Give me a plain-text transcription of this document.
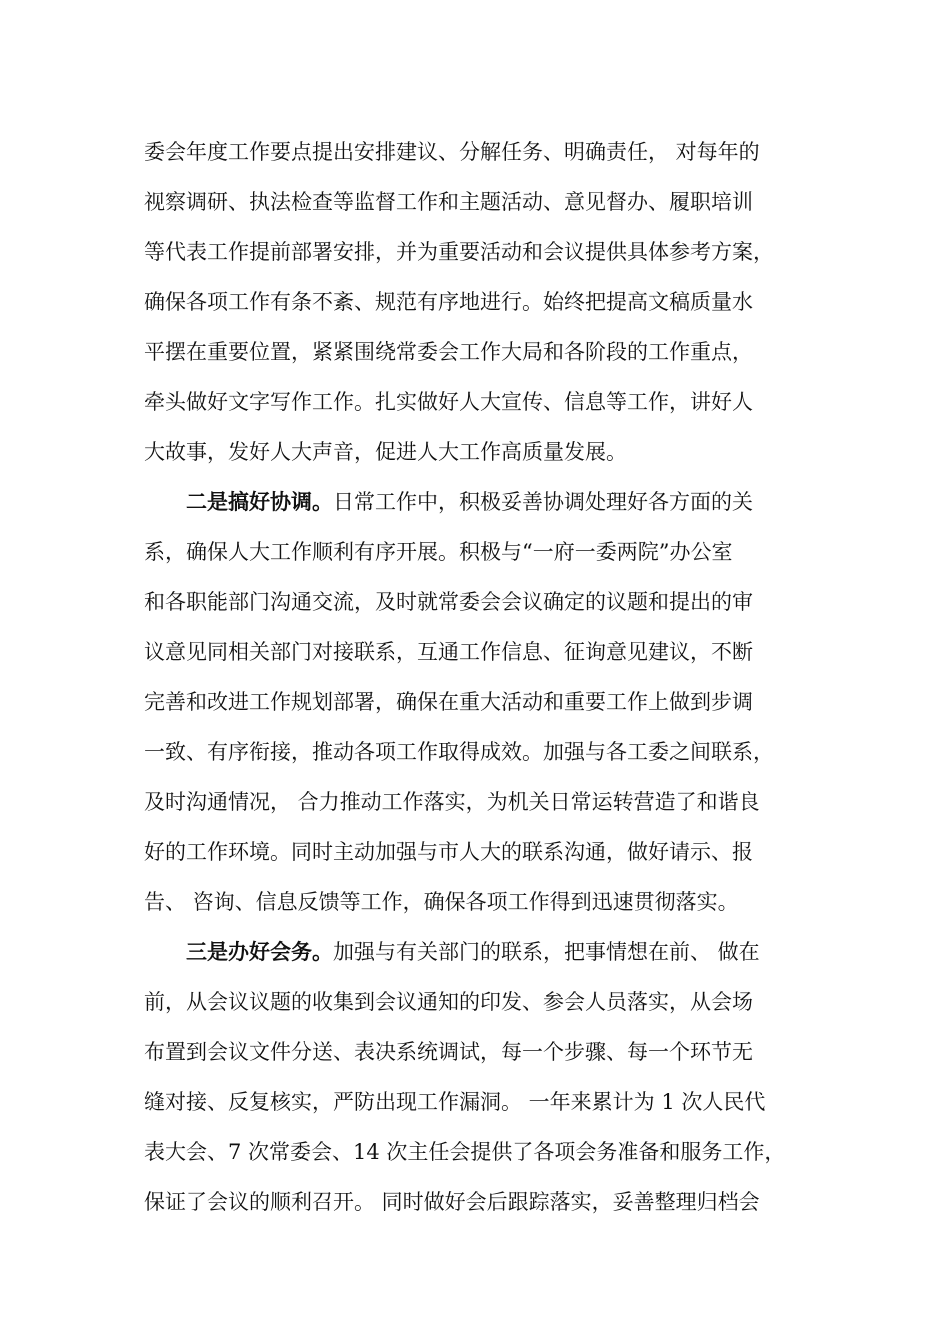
委会年度工作要点提出安排建议、分解任务、明确责任， 对每年的
视察调研、执法检查等监督工作和主题活动、意见督办、履职培训
等代表工作提前部署安排，并为重要活动和会议提供具体参考方案，
确保各项工作有条不紊、规范有序地进行。始终把提高文稿质量水
平摆在重要位置，紧紧围绕常委会工作大局和各阶段的工作重点，
牵头做好文字写作工作。扎实做好人大宣传、信息等工作，讲好人
大故事，发好人大声音，促进人大工作高质量发展。
二是搞好协调。日常工作中，积极妥善协调处理好各方面的关
系，确保人大工作顺利有序开展。积极与“一府一委两院”办公室
和各职能部门沟通交流，及时就常委会会议确定的议题和提出的审
议意见同相关部门对接联系，互通工作信息、征询意见建议，不断
完善和改进工作规划部署，确保在重大活动和重要工作上做到步调
一致、有序衔接，推动各项工作取得成效。加强与各工委之间联系，
及时沟通情况， 合力推动工作落实，为机关日常运转营造了和谐良
好的工作环境。同时主动加强与市人大的联系沟通，做好请示、报
告、 咨询、信息反馈等工作，确保各项工作得到迅速贯彻落实。
三是办好会务。加强与有关部门的联系，把事情想在前、 做在
前，从会议议题的收集到会议通知的印发、参会人员落实，从会场
布置到会议文件分送、表决系统调试，每一个步骤、每一个环节无
缝对接、反复核实，严防出现工作漏洞。 一年来累计为 1 次人民代
表大会、7 次常委会、14 次主任会提供了各项会务准备和服务工作，
保证了会议的顺利召开。 同时做好会后跟踪落实，妥善整理归档会
